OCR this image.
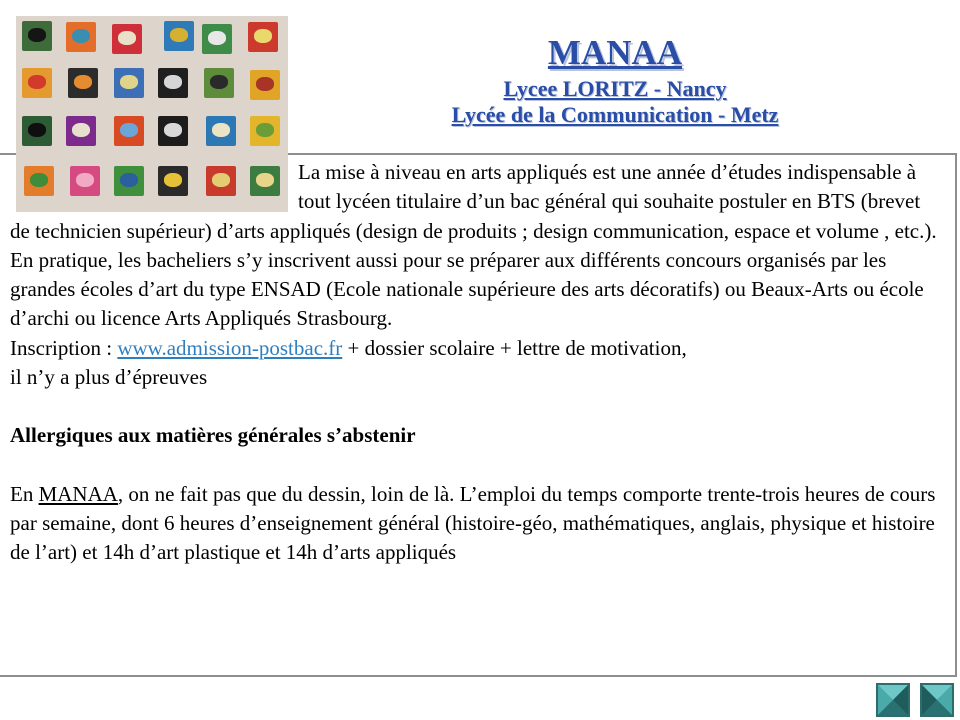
MANAA
Lycee LORITZ - Nancy
Lycée de la Communication - Metz

La mise à niveau en arts appliqués est une année d’études indispensable à tout lycéen titulaire d’un bac général qui souhaite postuler en BTS (brevet de technicien supérieur) d’arts appliqués (design de produits ; design communication, espace et volume , etc.).

En pratique, les bacheliers s’y inscrivent aussi pour se préparer aux différents concours organisés par les grandes écoles d’art du type ENSAD (Ecole nationale supérieure des arts décoratifs) ou Beaux-Arts ou école d’archi ou licence Arts Appliqués Strasbourg.

Inscription : www.admission-postbac.fr + dossier scolaire + lettre de motivation,

il n’y a plus d’épreuves

Allergiques aux matières générales s’abstenir

En MANAA, on ne fait pas que du dessin, loin de là. L’emploi du temps comporte trente-trois heures de cours par semaine, dont 6 heures d’enseignement général (histoire-géo, mathématiques, anglais, physique et histoire de l’art) et 14h d’art plastique et 14h d’arts appliqués
